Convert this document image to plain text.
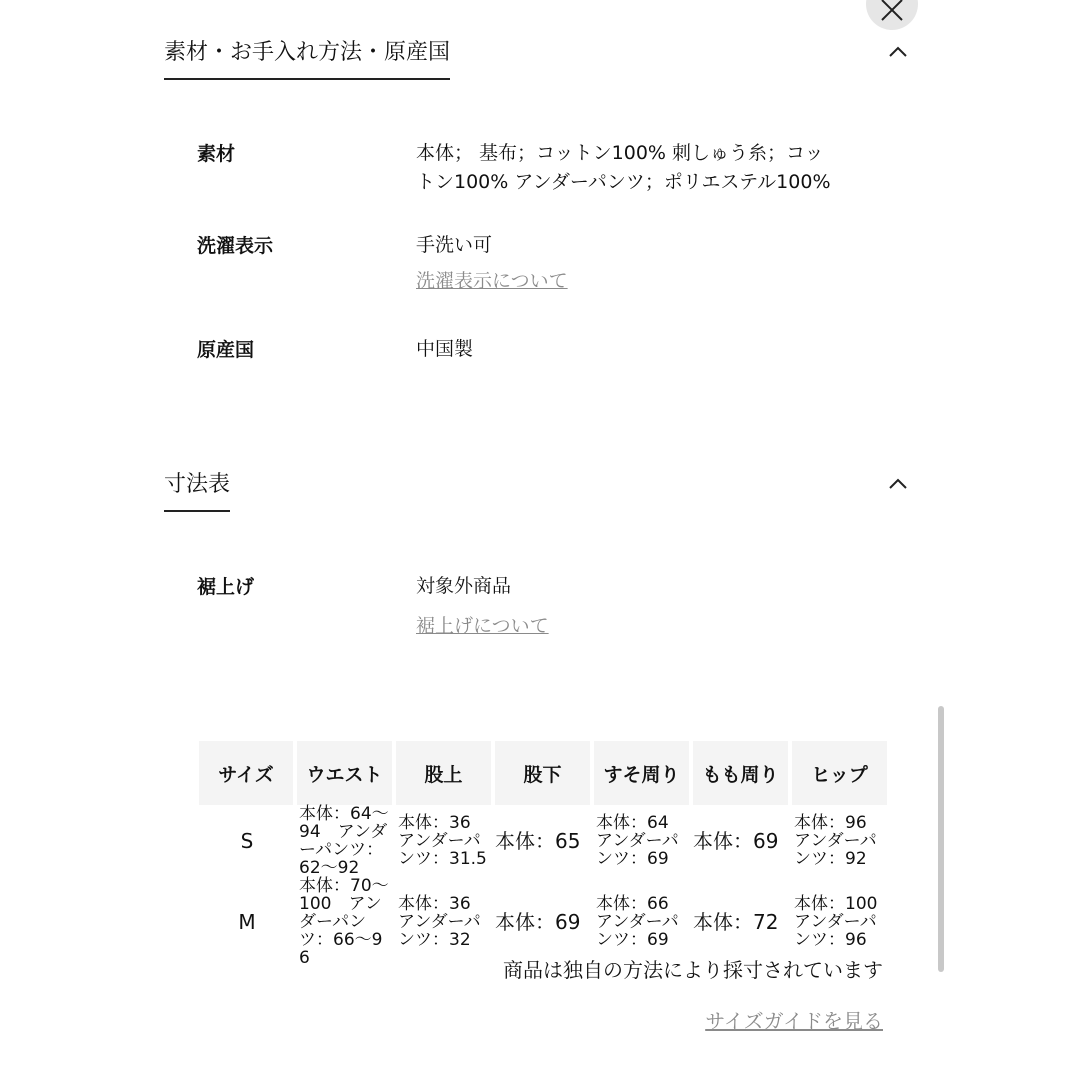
素材・お手入れ方法・原産国
素材	本体； 基布；コットン100% 刺しゅう糸；コッ
トン100% アンダーパンツ；ポリエステル100%
洗濯表示	手洗い可
洗濯表示について
原産国	中国製
寸法表
裾上げ	対象外商品
裾上げについて
サイズ	ウエスト	股上	股下	すそ周り	もも周り	ヒップ
S	本体：64〜94　アンダーパンツ：62〜92	本体：36　アンダーパンツ：31.5	本体：65	本体：64　アンダーパンツ：69	本体：69	本体：96　アンダーパンツ：92
M	本体：70〜100　アンダーパンツ：66〜96	本体：36　アンダーパンツ：32	本体：69	本体：66　アンダーパンツ：69	本体：72	本体：100　アンダーパンツ：96
商品は独自の方法により採寸されています
サイズガイドを見る
